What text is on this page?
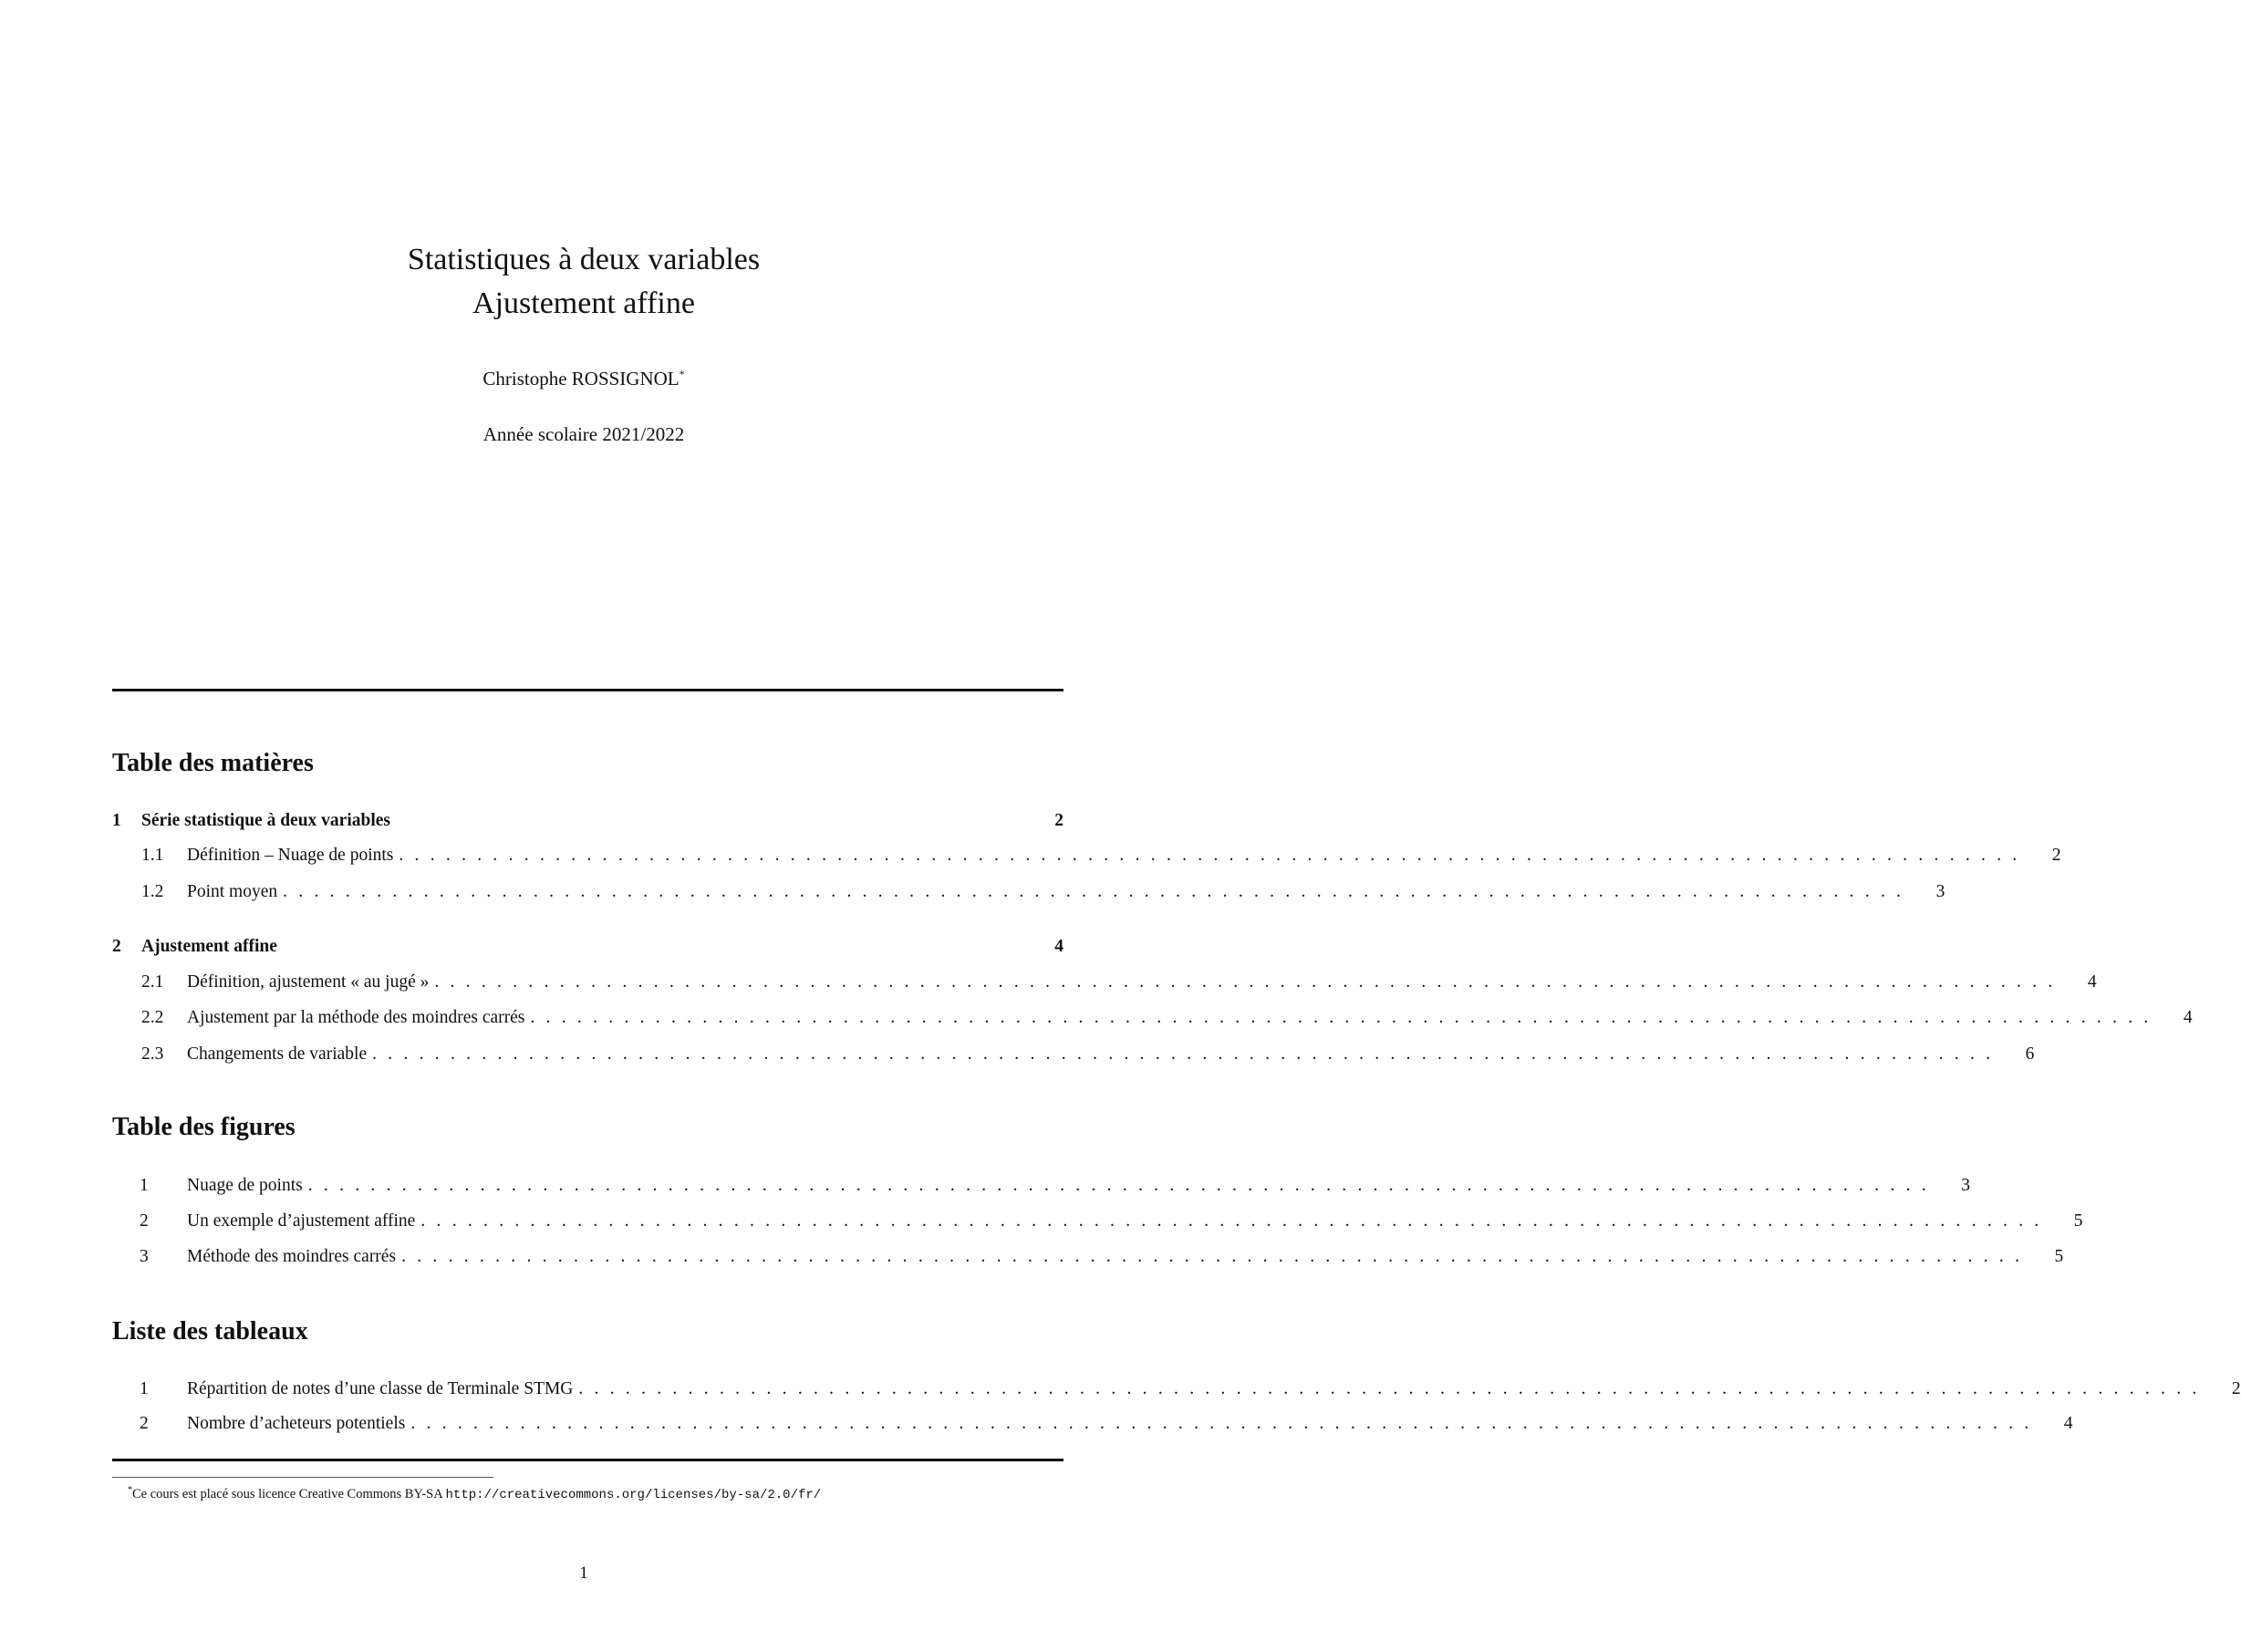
Statistiques à deux variables
Ajustement affine
Christophe ROSSIGNOL*
Année scolaire 2021/2022
Table des matières
1	Série statistique à deux variables	2
1.1	Définition – Nuage de points ........................................................................................................ 2
1.2	Point moyen ........................................................................................................ 3
2	Ajustement affine	4
2.1	Définition, ajustement « au jugé » ........................................................................................................ 4
2.2	Ajustement par la méthode des moindres carrés ........................................................................................................ 4
2.3	Changements de variable ........................................................................................................ 6
Table des figures
1	Nuage de points ........................................................................................................ 3
2	Un exemple d’ajustement affine ........................................................................................................ 5
3	Méthode des moindres carrés ........................................................................................................ 5
Liste des tableaux
1	Répartition de notes d’une classe de Terminale STMG ........................................................................................................ 2
2	Nombre d’acheteurs potentiels ........................................................................................................ 4
*Ce cours est placé sous licence Creative Commons BY-SA http://creativecommons.org/licenses/by-sa/2.0/fr/
1
